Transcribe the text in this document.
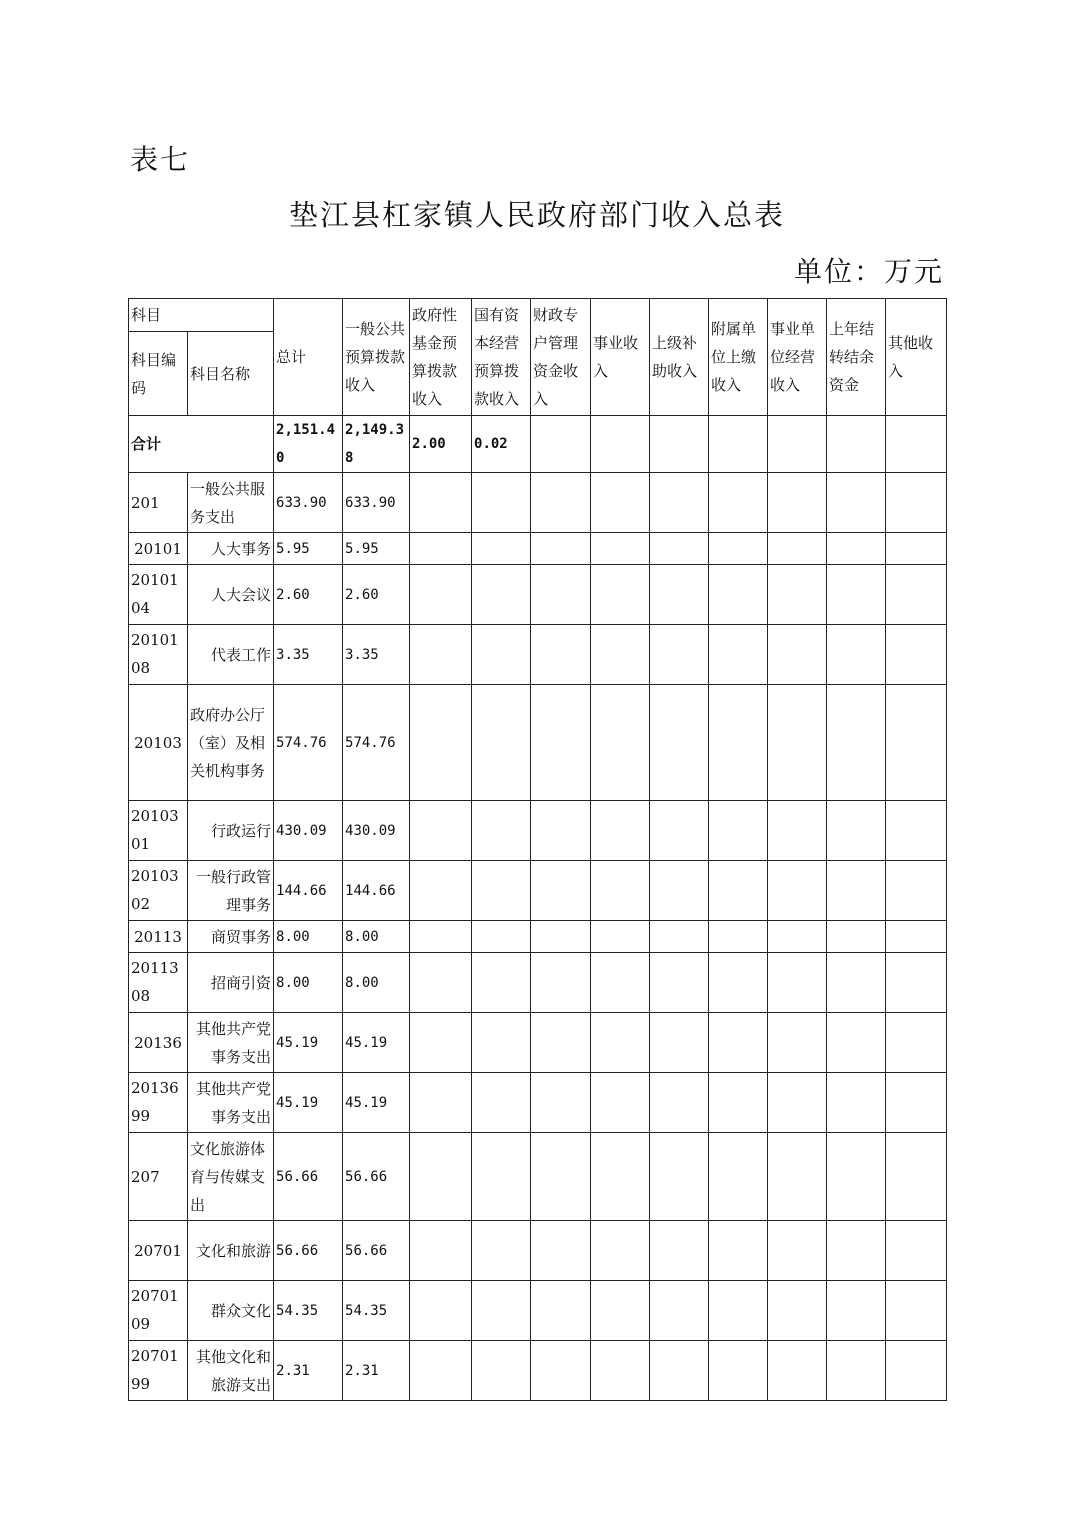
表七
垫江县杠家镇人民政府部门收入总表
单位：万元
科目		总计	一般公共预算拨款收入	政府性基金预算拨款收入	国有资本经营预算拨款收入	财政专户管理资金收入	事业收入	上级补助收入	附属单位上缴收入	事业单位经营收入	上年结转结余资金	其他收入
科目编码	科目名称											
合计		2,151.40	2,149.38	2.00	0.02							
201	一般公共服务支出	633.90	633.90									
20101	人大事务	5.95	5.95									
2010104	人大会议	2.60	2.60									
2010108	代表工作	3.35	3.35									
20103	政府办公厅（室）及相关机构事务	574.76	574.76									
2010301	行政运行	430.09	430.09									
2010302	一般行政管理事务	144.66	144.66									
20113	商贸事务	8.00	8.00									
2011308	招商引资	8.00	8.00									
20136	其他共产党事务支出	45.19	45.19									
2013699	其他共产党事务支出	45.19	45.19									
207	文化旅游体育与传媒支出	56.66	56.66									
20701	文化和旅游	56.66	56.66									
2070109	群众文化	54.35	54.35									
2070199	其他文化和旅游支出	2.31	2.31									
